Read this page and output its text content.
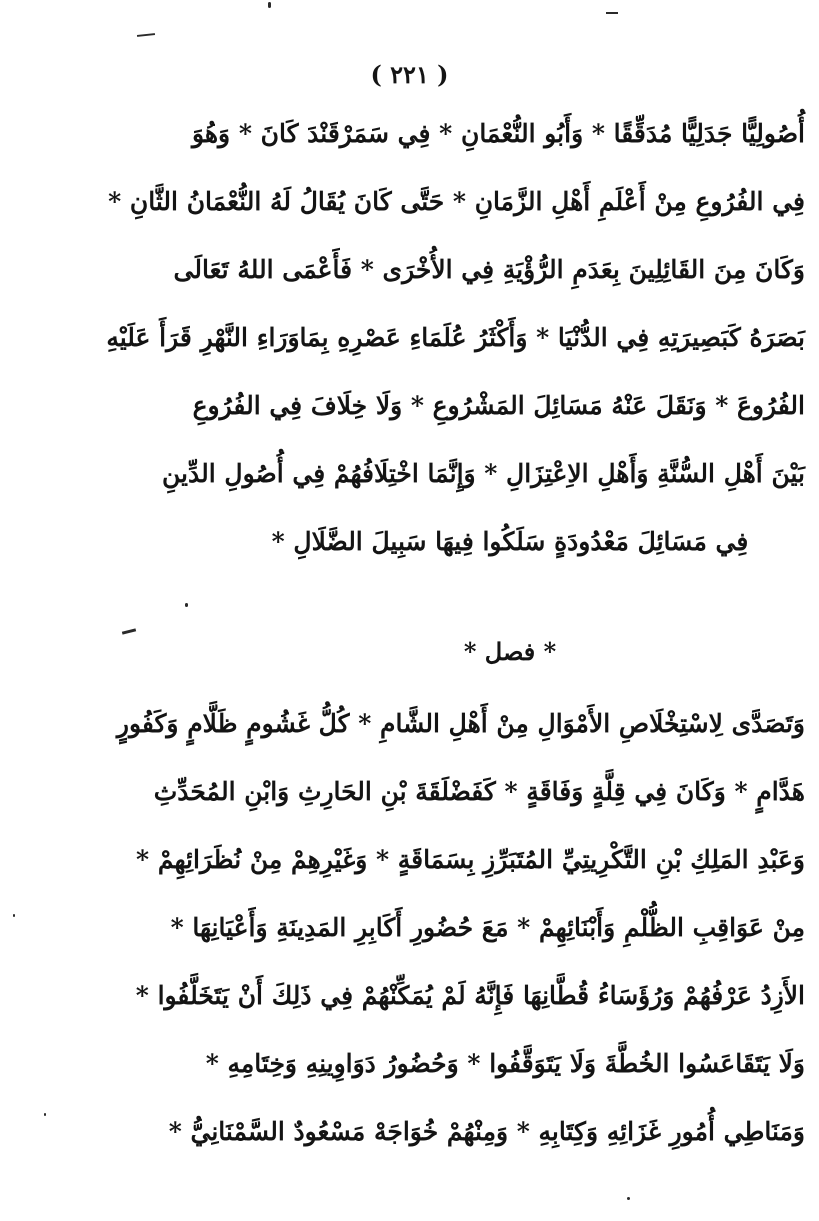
( ٢٢١ )
أُصُولِيًّا جَدَلِيًّا مُدَقِّقًا * وَأَبُو النُّعْمَانِ * فِي سَمَرْقَنْدَ كَانَ * وَهُوَ
فِي الفُرُوعِ مِنْ أَعْلَمِ أَهْلِ الزَّمَانِ * حَتَّى كَانَ يُقَالُ لَهُ النُّعْمَانُ الثَّانِ *
وَكَانَ مِنَ القَائِلِينَ بِعَدَمِ الرُّؤْيَةِ فِي الأُخْرَى * فَأَعْمَى اللهُ تَعَالَى
بَصَرَهُ كَبَصِيرَتِهِ فِي الدُّنْيَا * وَأَكْثَرُ عُلَمَاءِ عَصْرِهِ بِمَاوَرَاءِ النَّهْرِ قَرَأَ عَلَيْهِ
الفُرُوعَ * وَنَقَلَ عَنْهُ مَسَائِلَ المَشْرُوعِ * وَلَا خِلَافَ فِي الفُرُوعِ
بَيْنَ أَهْلِ السُّنَّةِ وَأَهْلِ الاِعْتِزَالِ * وَإِنَّمَا اخْتِلَافُهُمْ فِي أُصُولِ الدِّينِ
فِي مَسَائِلَ مَعْدُودَةٍ سَلَكُوا فِيهَا سَبِيلَ الضَّلَالِ *
* فصل *
وَتَصَدَّى لِاسْتِخْلَاصِ الأَمْوَالِ مِنْ أَهْلِ الشَّامِ * كُلُّ غَشُومٍ ظَلَّامٍ وَكَفُورٍ
هَدَّامٍ * وَكَانَ فِي قِلَّةٍ وَفَاقَةٍ * كَفَضْلَقَةَ بْنِ الحَارِثِ وَابْنِ المُحَدِّثِ
وَعَبْدِ المَلِكِ بْنِ التَّكْرِيتِيِّ المُتَبَرِّزِ بِسَمَاقَةٍ * وَغَيْرِهِمْ مِنْ نُظَرَائِهِمْ *
مِنْ عَوَاقِبِ الظُّلْمِ وَأَبْنَائِهِمْ * مَعَ حُضُورِ أَكَابِرِ المَدِينَةِ وَأَعْيَانِهَا *
الأَزِدُ عَرْفُهُمْ وَرُؤَسَاءُ قُطَّانِهَا فَإِنَّهُ لَمْ يُمَكِّنْهُمْ فِي ذَلِكَ أَنْ يَتَخَلَّفُوا *
وَلَا يَتَقَاعَسُوا الخُطَّةَ وَلَا يَتَوَقَّفُوا * وَحُضُورُ دَوَاوِينِهِ وَخِتَامِهِ *
وَمَنَاطِي أُمُورِ غَزَائِهِ وَكِتَابِهِ * وَمِنْهُمْ خُوَاجَهْ مَسْعُودٌ السَّمْنَانِيُّ *
